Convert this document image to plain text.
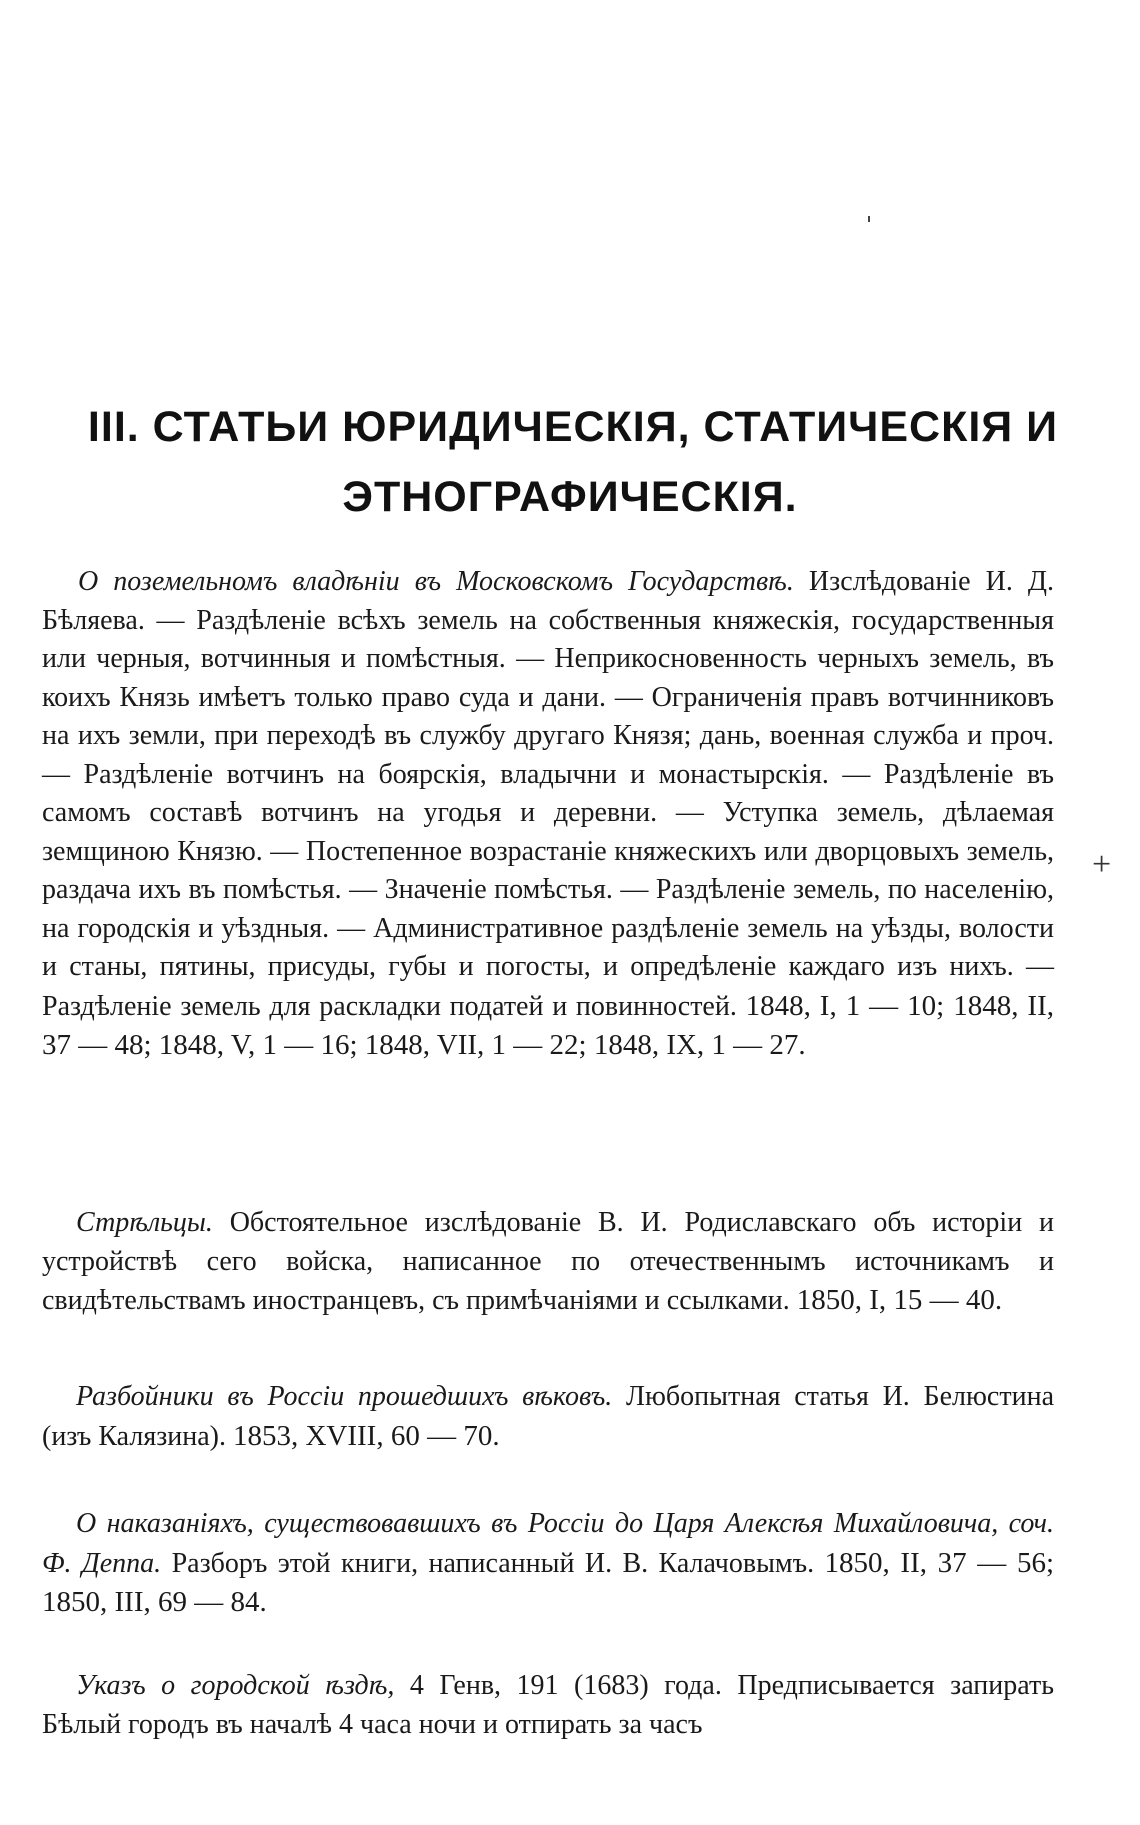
+
III. СТАТЬИ ЮРИДИЧЕСКІЯ, СТАТИЧЕСКІЯ И
ЭТНОГРАФИЧЕСКІЯ.

О поземельномъ владѣніи въ Московскомъ Государствѣ. Изслѣдованіе И. Д. Бѣляева. — Раздѣленіе всѣхъ земель на собственныя княжескія, государственныя или черныя, вотчинныя и помѣстныя. — Неприкосновенность черныхъ земель, въ коихъ Князь имѣетъ только право суда и дани. — Ограниченія правъ вотчинниковъ на ихъ земли, при переходѣ въ службу другаго Князя; дань, военная служба и проч. — Раздѣленіе вотчинъ на боярскія, владычни и монастырскія. — Раздѣленіе въ самомъ составѣ вотчинъ на угодья и деревни. — Уступка земель, дѣлаемая земщиною Князю. — Постепенное возрастаніе княжескихъ или дворцовыхъ земель, раздача ихъ въ помѣстья. — Значеніе помѣстья. — Раздѣленіе земель, по населенію, на городскія и уѣздныя. — Административное раздѣленіе земель на уѣзды, волости и станы, пятины, присуды, губы и погосты, и опредѣленіе каждаго изъ нихъ. — Раздѣленіе земель для раскладки податей и повинностей. 1848, I, 1 — 10; 1848, II, 37 — 48; 1848, V, 1 — 16; 1848, VII, 1 — 22; 1848, IX, 1 — 27.

Стрѣльцы. Обстоятельное изслѣдованіе В. И. Родиславскаго объ исторіи и устройствѣ сего войска, написанное по отечественнымъ источникамъ и свидѣтельствамъ иностранцевъ, съ примѣчаніями и ссылками. 1850, I, 15 — 40.

Разбойники въ Россіи прошедшихъ вѣковъ. Любопытная статья И. Белюстина (изъ Калязина). 1853, XVIII, 60 — 70.

О наказаніяхъ, существовавшихъ въ Россіи до Царя Алексѣя Михайловича, соч. Ф. Деппа. Разборъ этой книги, написанный И. В. Калачовымъ. 1850, II, 37 — 56; 1850, III, 69 — 84.

Указъ о городской ѣздѣ, 4 Генв, 191 (1683) года. Предписывается запирать Бѣлый городъ въ началѣ 4 часа ночи и отпирать за часъ
